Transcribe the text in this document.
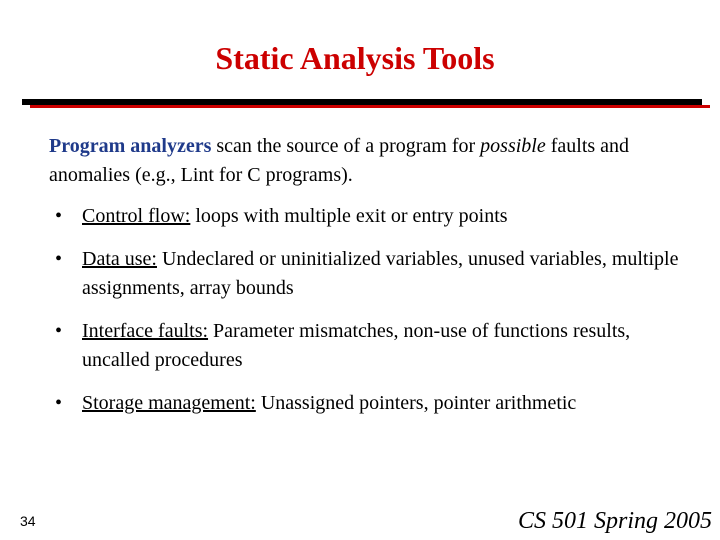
Static Analysis Tools

Program analyzers scan the source of a program for possible faults and anomalies (e.g., Lint for C programs).

• Control flow: loops with multiple exit or entry points
• Data use: Undeclared or uninitialized variables, unused variables, multiple assignments, array bounds
• Interface faults: Parameter mismatches, non-use of functions results, uncalled procedures
• Storage management: Unassigned pointers, pointer arithmetic
34	CS 501 Spring 2005
